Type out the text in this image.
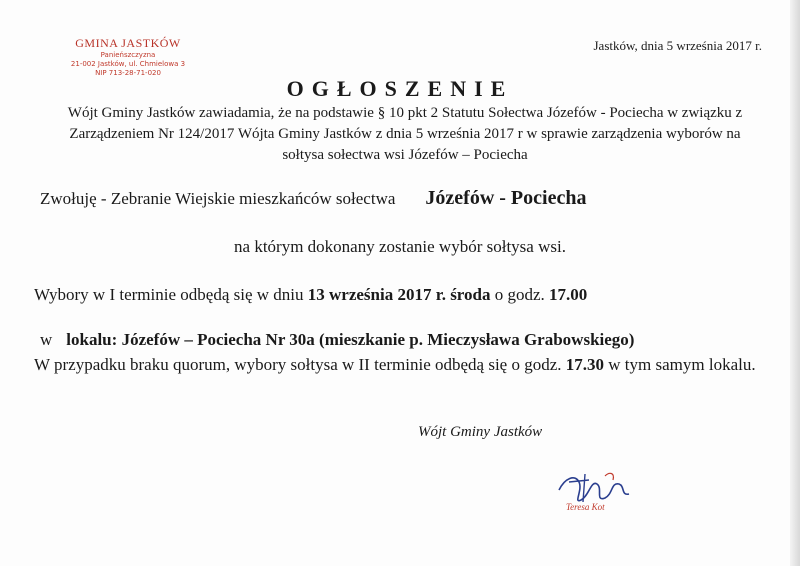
GMINA JASTKÓW
Panieńszczyzna
21-002 Jastków, ul. Chmielowa 3
NIP 713-28-71-020
Jastków, dnia 5 września 2017 r.
OGŁOSZENIE
Wójt Gminy Jastków zawiadamia, że na podstawie § 10 pkt 2 Statutu Sołectwa Józefów - Pociecha w związku z Zarządzeniem Nr 124/2017 Wójta Gminy Jastków z dnia 5 września 2017 r w sprawie zarządzenia wyborów na sołtysa sołectwa wsi Józefów – Pociecha
Zwołuję - Zebranie Wiejskie mieszkańców sołectwa Józefów - Pociecha
na którym dokonany zostanie wybór sołtysa wsi.
Wybory w I terminie odbędą się w dniu 13 września 2017 r. środa o godz. 17.00
w lokalu: Józefów – Pociecha Nr 30a (mieszkanie p. Mieczysława Grabowskiego)
W przypadku braku quorum, wybory sołtysa w II terminie odbędą się o godz. 17.30 w tym samym lokalu.
Wójt Gminy Jastków
Teresa Kot
